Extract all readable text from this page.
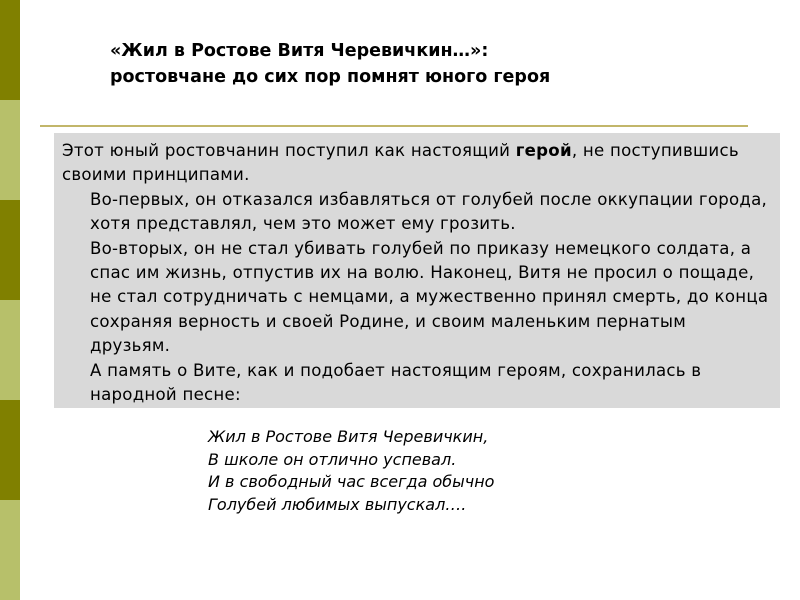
«Жил в Ростове Витя Черевичкин…»:
ростовчане до сих пор помнят юного героя

Этот юный ростовчанин поступил как настоящий герой, не поступившись своими принципами.

Во-первых, он отказался избавляться от голубей после оккупации города, хотя представлял, чем это может ему грозить.

Во-вторых, он не стал убивать голубей по приказу немецкого солдата, а спас им жизнь, отпустив их на волю. Наконец, Витя не просил о пощаде, не стал сотрудничать с немцами, а мужественно принял смерть, до конца сохраняя верность и своей Родине, и своим маленьким пернатым друзьям.

А память о Вите, как и подобает настоящим героям, сохранилась в народной песне:

Жил в Ростове Витя Черевичкин,
В школе он отлично успевал.
И в свободный час всегда обычно
Голубей любимых выпускал….
